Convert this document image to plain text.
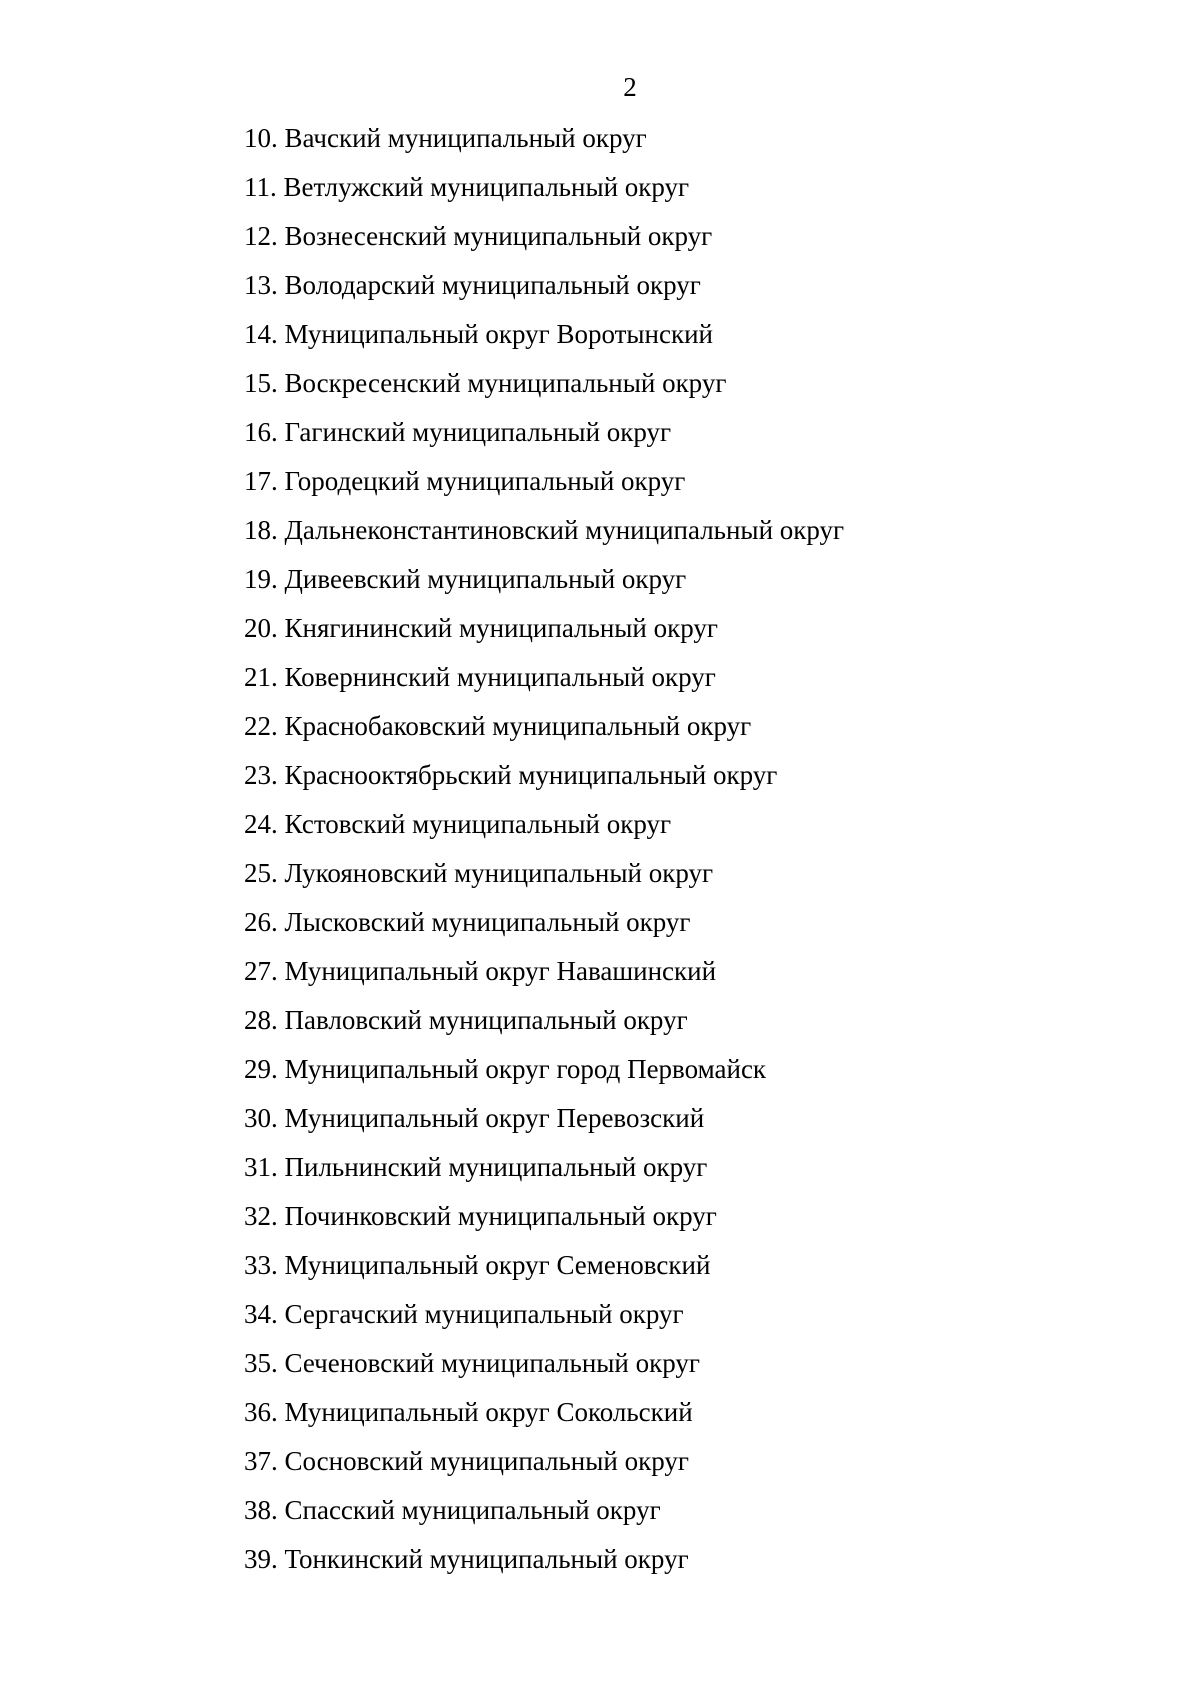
2
10. Вачский муниципальный округ
11. Ветлужский муниципальный округ
12. Вознесенский муниципальный округ
13. Володарский муниципальный округ
14. Муниципальный округ Воротынский
15. Воскресенский муниципальный округ
16. Гагинский муниципальный округ
17. Городецкий муниципальный округ
18. Дальнеконстантиновский муниципальный округ
19. Дивеевский муниципальный округ
20. Княгининский муниципальный округ
21. Ковернинский муниципальный округ
22. Краснобаковский муниципальный округ
23. Краснооктябрьский муниципальный округ
24. Кстовский муниципальный округ
25. Лукояновский муниципальный округ
26. Лысковский муниципальный округ
27. Муниципальный округ Навашинский
28. Павловский муниципальный округ
29. Муниципальный округ город Первомайск
30. Муниципальный округ Перевозский
31. Пильнинский муниципальный округ
32. Починковский муниципальный округ
33. Муниципальный округ Семеновский
34. Сергачский муниципальный округ
35. Сеченовский муниципальный округ
36. Муниципальный округ Сокольский
37. Сосновский муниципальный округ
38. Спасский муниципальный округ
39. Тонкинский муниципальный округ
